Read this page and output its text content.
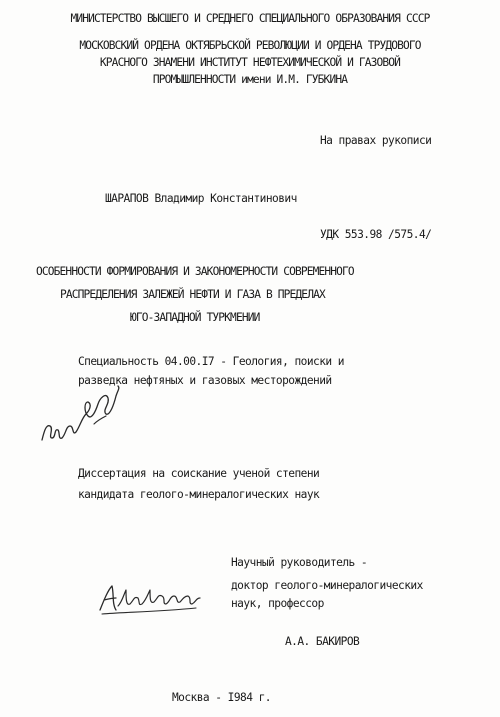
МИНИСТЕРСТВО ВЫСШЕГО И СРЕДНЕГО СПЕЦИАЛЬНОГО ОБРАЗОВАНИЯ СССР
МОСКОВСКИЙ ОРДЕНА ОКТЯБРЬСКОЙ РЕВОЛЮЦИИ И ОРДЕНА ТРУДОВОГО
КРАСНОГО ЗНАМЕНИ ИНСТИТУТ НЕФТЕХИМИЧЕСКОЙ И ГАЗОВОЙ
ПРОМЫШЛЕННОСТИ имени И.М. ГУБКИНА
На правах рукописи
ШАРАПОВ Владимир Константинович
УДК 553.98 /575.4/
ОСОБЕННОСТИ ФОРМИРОВАНИЯ И ЗАКОНОМЕРНОСТИ СОВРЕМЕННОГО
РАСПРЕДЕЛЕНИЯ ЗАЛЕЖЕЙ НЕФТИ И ГАЗА В ПРЕДЕЛАХ
ЮГО-ЗАПАДНОЙ ТУРКМЕНИИ
Специальность 04.00.I7 - Геология, поиски и
разведка нефтяных и газовых месторождений
Диссертация на соискание ученой степени
кандидата геолого-минералогических наук
Научный руководитель -
доктор геолого-минералогических
наук, профессор
А.А. БАКИРОВ
Москва - I984 г.
